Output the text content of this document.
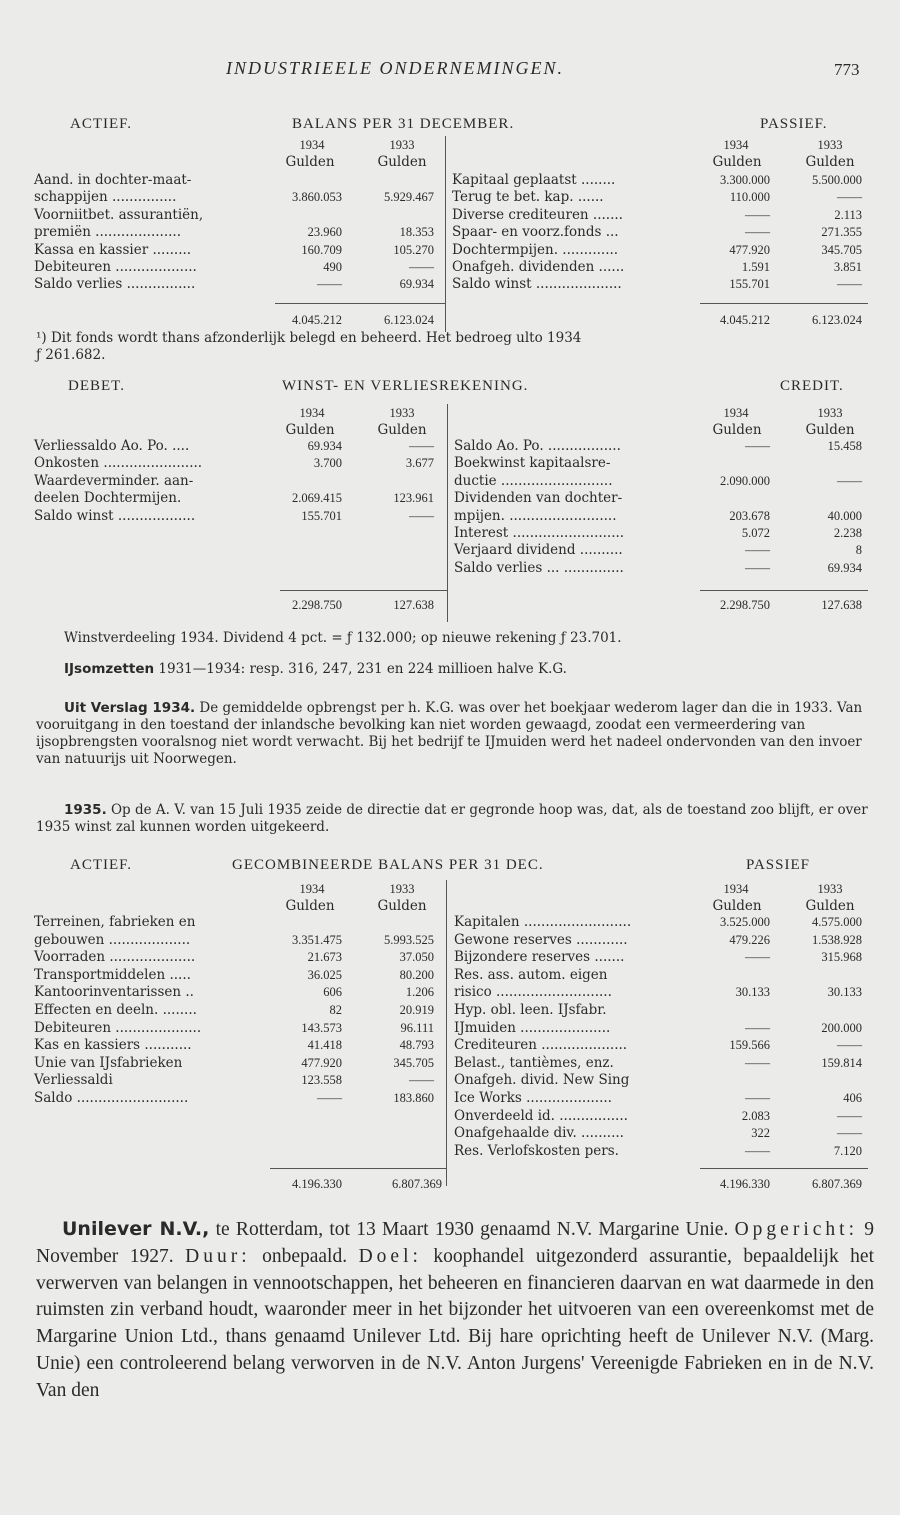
INDUSTRIEELE ONDERNEMINGEN.	773
ACTIEF.	BALANS PER 31 DECEMBER.	PASSIEF.
1934	1933
Gulden	Gulden
1934	1933
Gulden	Gulden
Aand. in dochter-maat-
schappijen ...............	3.860.053	5.929.467
Voorniitbet. assurantiën,
premiën ....................	23.960	18.353
Kassa en kassier .........	160.709	105.270
Debiteuren ...................	490	——
Saldo verlies ................	——	69.934
Kapitaal geplaatst ........	3.300.000	5.500.000
Terug te bet. kap. ......	110.000	——
Diverse crediteuren .......	——	2.113
Spaar- en voorz.fonds ...	——	271.355
Dochtermpijen. .............	477.920	345.705
Onafgeh. dividenden ......	1.591	3.851
Saldo winst ....................	155.701	——
4.045.212	6.123.024	4.045.212	6.123.024
¹) Dit fonds wordt thans afzonderlijk belegd en beheerd. Het bedroeg ulto 1934
ƒ 261.682.
DEBET.	WINST- EN VERLIESREKENING.	CREDIT.
1934	1933
Gulden	Gulden
1934	1933
Gulden	Gulden
Verliessaldo Ao. Po. ....	69.934	——
Onkosten .......................	3.700	3.677
Waardeverminder. aan-
deelen Dochtermijen.	2.069.415	123.961
Saldo winst ..................	155.701	——
Saldo Ao. Po. .................	——	15.458
Boekwinst kapitaalsre-
ductie ..........................	2.090.000	——
Dividenden van dochter-
mpijen. .........................	203.678	40.000
Interest ..........................	5.072	2.238
Verjaard dividend ..........	——	8
Saldo verlies ... ..............	——	69.934
2.298.750	127.638	2.298.750	127.638
Winstverdeeling 1934. Dividend 4 pct. = ƒ 132.000; op nieuwe rekening ƒ 23.701.
IJsomzetten 1931—1934: resp. 316, 247, 231 en 224 millioen halve K.G.
Uit Verslag 1934. De gemiddelde opbrengst per h. K.G. was over het boekjaar wederom lager dan die in 1933. Van vooruitgang in den toestand der inlandsche bevolking kan niet worden gewaagd, zoodat een vermeerdering van ijsopbrengsten vooralsnog niet wordt verwacht. Bij het bedrijf te IJmuiden werd het nadeel ondervonden van den invoer van natuurijs uit Noorwegen.
1935. Op de A. V. van 15 Juli 1935 zeide de directie dat er gegronde hoop was, dat, als de toestand zoo blijft, er over 1935 winst zal kunnen worden uitgekeerd.
ACTIEF.	GECOMBINEERDE BALANS PER 31 DEC.	PASSIEF
1934	1933
Gulden	Gulden
1934	1933
Gulden	Gulden
Terreinen, fabrieken en
gebouwen ...................	3.351.475	5.993.525
Voorraden ....................	21.673	37.050
Transportmiddelen .....	36.025	80.200
Kantoorinventarissen ..	606	1.206
Effecten en deeln. ........	82	20.919
Debiteuren ....................	143.573	96.111
Kas en kassiers ...........	41.418	48.793
Unie van IJsfabrieken	477.920	345.705
Verliessaldi	123.558	——
Saldo ..........................	——	183.860
Kapitalen .........................	3.525.000	4.575.000
Gewone reserves ............	479.226	1.538.928
Bijzondere reserves .......	——	315.968
Res. ass. autom. eigen
risico ...........................	30.133	30.133
Hyp. obl. leen. IJsfabr.
IJmuiden .....................	——	200.000
Crediteuren ....................	159.566	——
Belast., tantièmes, enz.	——	159.814
Onafgeh. divid. New Sing
Ice Works ....................	——	406
Onverdeeld id. ................	2.083	——
Onafgehaalde div. ..........	322	——
Res. Verlofskosten pers.	——	7.120
4.196.330	6.807.369	4.196.330	6.807.369
Unilever N.V., te Rotterdam, tot 13 Maart 1930 genaamd N.V. Margarine Unie. Opgericht: 9 November 1927. Duur: onbepaald. Doel: koophandel uitgezonderd assurantie, bepaaldelijk het verwerven van belangen in vennootschappen, het beheeren en financieren daarvan en wat daarmede in den ruimsten zin verband houdt, waaronder meer in het bijzonder het uitvoeren van een overeenkomst met de Margarine Union Ltd., thans genaamd Unilever Ltd. Bij hare oprichting heeft de Unilever N.V. (Marg. Unie) een controleerend belang verworven in de N.V. Anton Jurgens' Vereenigde Fabrieken en in de N.V. Van den
